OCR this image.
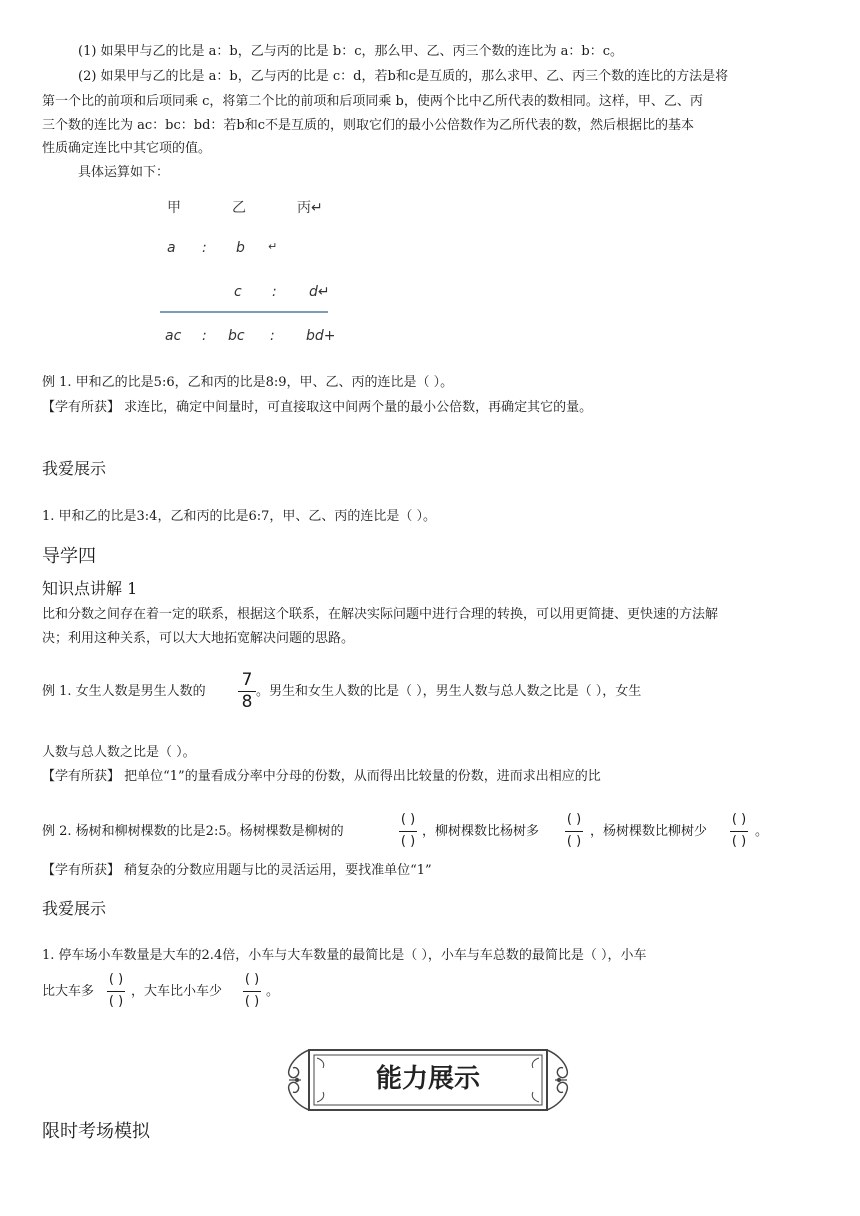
(1) 如果甲与乙的比是 a：b，乙与丙的比是 b：c，那么甲、乙、丙三个数的连比为 a：b：c。
(2) 如果甲与乙的比是 a：b，乙与丙的比是 c：d，若b和c是互质的，那么求甲、乙、丙三个数的连比的方法是将
第一个比的前项和后项同乘 c，将第二个比的前项和后项同乘 b，使两个比中乙所代表的数相同。这样，甲、乙、丙
三个数的连比为 ac：bc：bd：若b和c不是互质的，则取它们的最小公倍数作为乙所代表的数，然后根据比的基本
性质确定连比中其它项的值。
具体运算如下：
甲	乙	丙↵
a : b ↵
c : d↵
ac : bc : bd+
例 1. 甲和乙的比是5:6，乙和丙的比是8:9，甲、乙、丙的连比是（ ）。
【学有所获】 求连比，确定中间量时，可直接取这中间两个量的最小公倍数，再确定其它的量。
我爱展示
1. 甲和乙的比是3:4，乙和丙的比是6:7，甲、乙、丙的连比是（ ）。
导学四
知识点讲解 1
比和分数之间存在着一定的联系，根据这个联系，在解决实际问题中进行合理的转换，可以用更简捷、更快速的方法解
决；利用这种关系，可以大大地拓宽解决问题的思路。
例 1. 女生人数是男生人数的
7
8
。男生和女生人数的比是（ ），男生人数与总人数之比是（ ），女生
人数与总人数之比是（ ）。
【学有所获】 把单位“1”的量看成分率中分母的份数，从而得出比较量的份数，进而求出相应的比
例 2. 杨树和柳树棵数的比是2:5。杨树棵数是柳树的
( )
( )
，柳树棵数比杨树多
( )
( )
，杨树棵数比柳树少
( )
( )
。
【学有所获】 稍复杂的分数应用题与比的灵活运用，要找准单位“1”
我爱展示
1. 停车场小车数量是大车的2.4倍，小车与大车数量的最简比是（ ），小车与车总数的最简比是（ ），小车
比大车多
( )
( )
，大车比小车少
( )
( )
。
能力展示
限时考场模拟
